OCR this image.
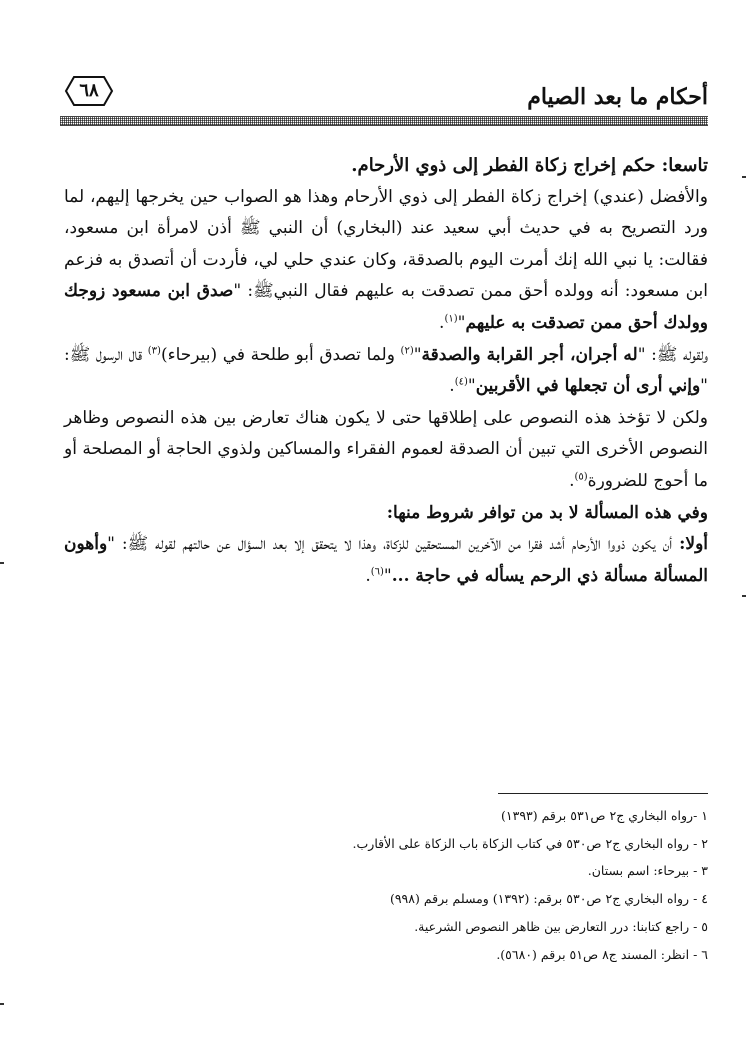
أحكام ما بعد الصيام
٦٨

تاسعا: حكم إخراج زكاة الفطر إلى ذوي الأرحام.

والأفضل (عندي) إخراج زكاة الفطر إلى ذوي الأرحام وهذا هو الصواب حين يخرجها إليهم، لما ورد التصريح به في حديث أبي سعيد عند (البخاري) أن النبي ﷺ أذن لامرأة ابن مسعود، فقالت: يا نبي الله إنك أمرت اليوم بالصدقة، وكان عندي حلي لي، فأردت أن أتصدق به فزعم ابن مسعود: أنه وولده أحق ممن تصدقت به عليهم فقال النبيﷺ: "صدق ابن مسعود زوجك وولدك أحق ممن تصدقت به عليهم"$^{(١)}$.

ولقوله ﷺ: "له أجران، أجر القرابة والصدقة"$^{(٢)}$ ولما تصدق أبو طلحة في (بيرحاء)$^{(٣)}$ قال الرسول ﷺ: "وإني أرى أن تجعلها في الأقربين"$^{(٤)}$.

ولكن لا تؤخذ هذه النصوص على إطلاقها حتى لا يكون هناك تعارض بين هذه النصوص وظاهر النصوص الأخرى التي تبين أن الصدقة لعموم الفقراء والمساكين ولذوي الحاجة أو المصلحة أو ما أحوج للضرورة$^{(٥)}$.

وفي هذه المسألة لا بد من توافر شروط منها:

أولا: أن يكون ذووا الأرحام أشد فقرا من الآخرين المستحقين للزكاة، وهذا لا يتحقق إلا بعد السؤال عن حالتهم لقوله ﷺ: "وأهون المسألة مسألة ذي الرحم يسأله في حاجة ..."$^{(٦)}$.

١ -رواه البخاري ج٢ ص٥٣١ برقم (١٣٩٣)
٢ - رواه البخاري ج٢ ص٥٣٠ في كتاب الزكاة باب الزكاة على الأقارب.
٣ - بيرحاء: اسم بستان.
٤ - رواه البخاري ج٢ ص٥٣٠ برقم: (١٣٩٢) ومسلم برقم (٩٩٨)
٥ - راجع كتابنا: درر التعارض بين ظاهر النصوص الشرعية.
٦ - انظر: المسند ج٨ ص٥١ برقم (٥٦٨٠).
